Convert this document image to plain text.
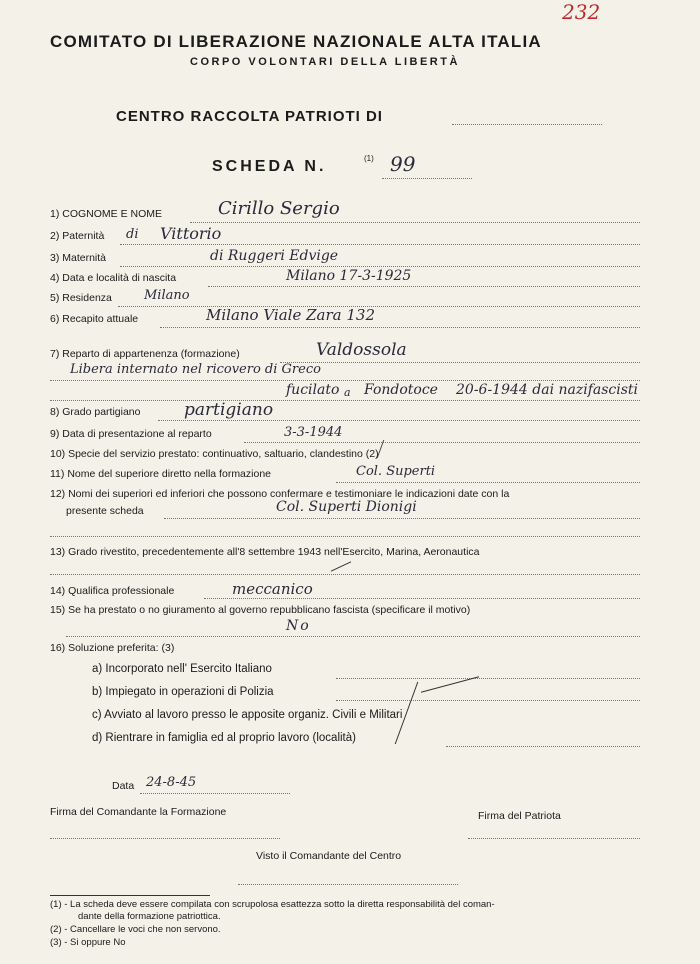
232
COMITATO DI LIBERAZIONE NAZIONALE ALTA ITALIA
CORPO VOLONTARI DELLA LIBERTÀ
CENTRO RACCOLTA PATRIOTI DI
SCHEDA N.	(1) 99
1) COGNOME E NOME	Cirillo Sergio
2) Paternità di Vittorio
3) Maternità	di Ruggeri Edvige
4) Data e località di nascita	Milano 17-3-1925
5) Residenza Milano
6) Recapito attuale	Milano Viale Zara 132
7) Reparto di appartenenza (formazione)	Valdossola
Libera internato nel ricovero di Greco
fucilato a Fondotoce 20-6-1944 dai nazifascisti
8) Grado partigiano	partigiano
9) Data di presentazione al reparto	3-3-1944
10) Specie del servizio prestato: continuativo, saltuario, clandestino (2)
11) Nome del superiore diretto nella formazione	Col. Superti
12) Nomi dei superiori ed inferiori che possono confermare e testimoniare le indicazioni date con la
presente scheda	Col. Superti Dionigi
13) Grado rivestito, precedentemente all'8 settembre 1943 nell'Esercito, Marina, Aeronautica
14) Qualifica professionale	meccanico
15) Se ha prestato o no giuramento al governo repubblicano fascista (specificare il motivo)
No
16) Soluzione preferita: (3)
a) Incorporato nell' Esercito Italiano
b) Impiegato in operazioni di Polizia
c) Avviato al lavoro presso le apposite organiz. Civili e Militari
d) Rientrare in famiglia ed al proprio lavoro (località)
Data 24-8-45
Firma del Comandante la Formazione	Firma del Patriota
Visto il Comandante del Centro
(1) - La scheda deve essere compilata con scrupolosa esattezza sotto la diretta responsabilità del coman-
dante della formazione patriottica.
(2) - Cancellare le voci che non servono.
(3) - Si oppure No
